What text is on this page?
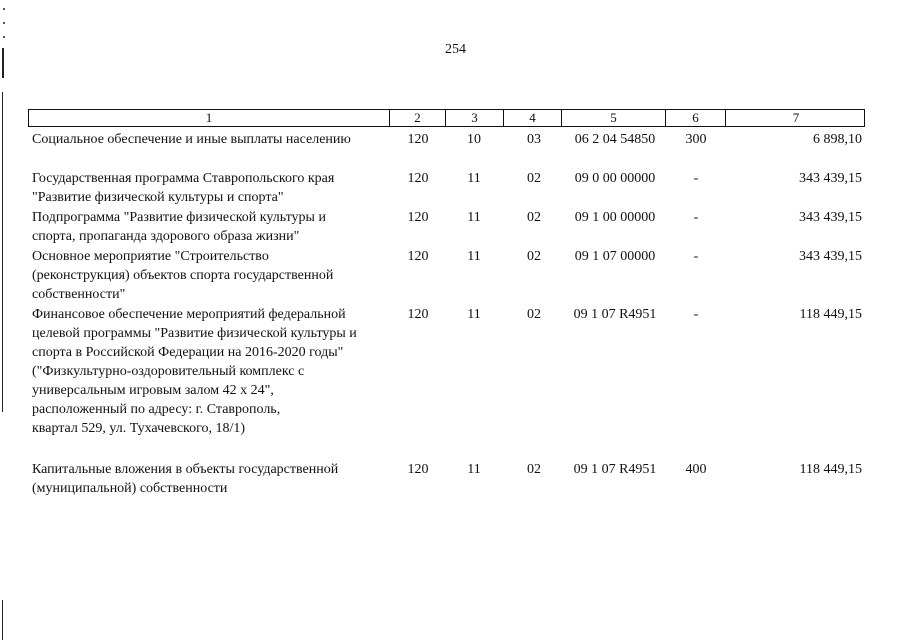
254
1	2	3	4	5	6	7
Социальное обеспечение и иные выплаты населению	120	10	03	06 2 04 54850	300	6 898,10
Государственная программа Ставропольского края
"Развитие физической культуры и спорта"
120	11	02	09 0 00 00000	-	343 439,15
Подпрограмма "Развитие физической культуры и
спорта, пропаганда здорового образа жизни"
120	11	02	09 1 00 00000	-	343 439,15
Основное мероприятие "Строительство
(реконструкция) объектов спорта государственной
собственности"
120	11	02	09 1 07 00000	-	343 439,15
Финансовое обеспечение мероприятий федеральной
целевой программы "Развитие физической культуры и
спорта в Российской Федерации на 2016-2020 годы"
("Физкультурно-оздоровительный комплекс с
универсальным игровым залом 42 x 24",
расположенный по адресу: г. Ставрополь,
квартал 529, ул. Тухачевского, 18/1)
120	11	02	09 1 07 R4951	-	118 449,15
Капитальные вложения в объекты государственной
(муниципальной) собственности
120	11	02	09 1 07 R4951	400	118 449,15
